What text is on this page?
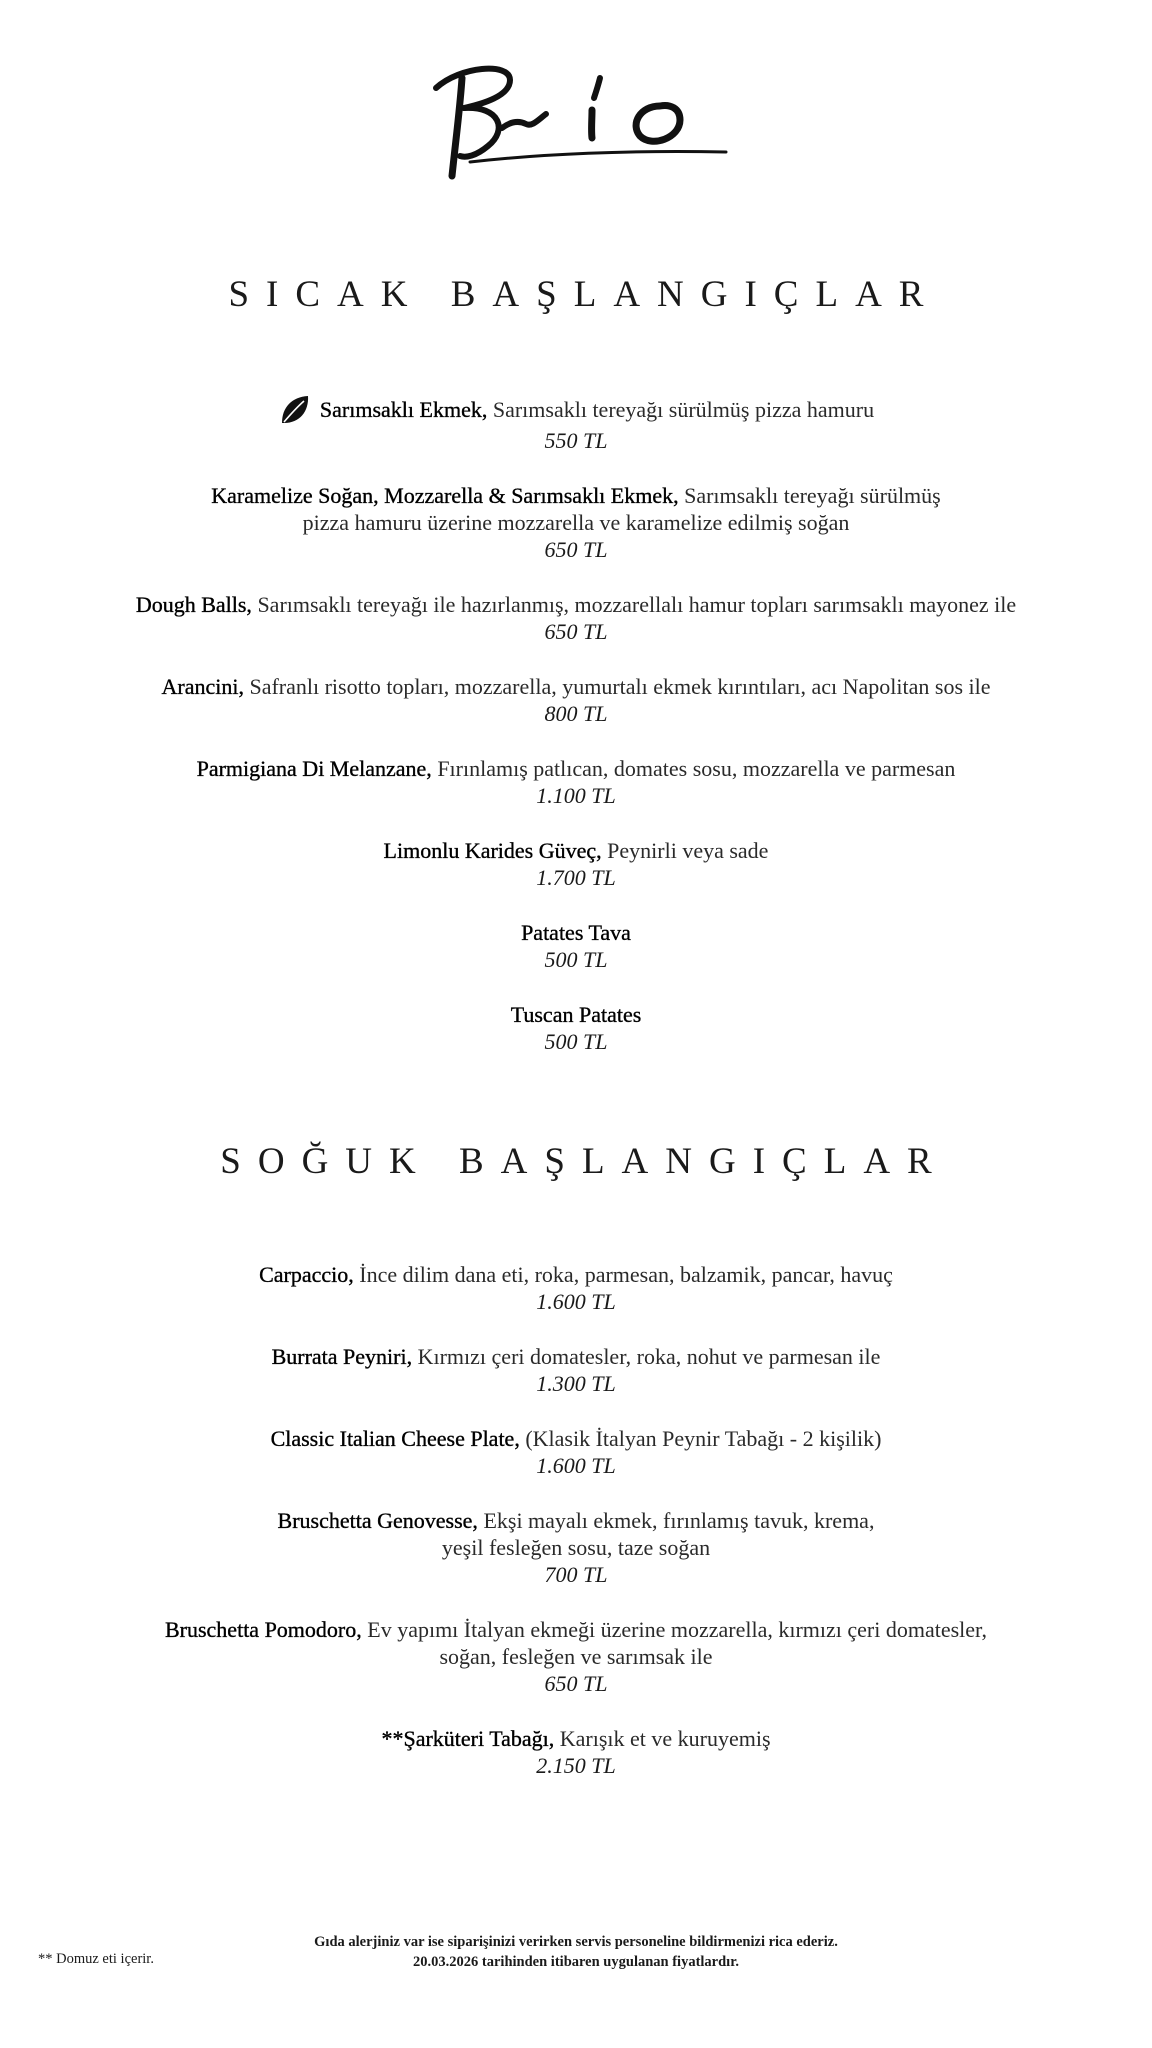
SICAK BAŞLANGIÇLAR
Sarımsaklı Ekmek, Sarımsaklı tereyağı sürülmüş pizza hamuru
550 TL
Karamelize Soğan, Mozzarella & Sarımsaklı Ekmek, Sarımsaklı tereyağı sürülmüş
pizza hamuru üzerine mozzarella ve karamelize edilmiş soğan
650 TL
Dough Balls, Sarımsaklı tereyağı ile hazırlanmış, mozzarellalı hamur topları sarımsaklı mayonez ile
650 TL
Arancini, Safranlı risotto topları, mozzarella, yumurtalı ekmek kırıntıları, acı Napolitan sos ile
800 TL
Parmigiana Di Melanzane, Fırınlamış patlıcan, domates sosu, mozzarella ve parmesan
1.100 TL
Limonlu Karides Güveç, Peynirli veya sade
1.700 TL
Patates Tava
500 TL
Tuscan Patates
500 TL
SOĞUK BAŞLANGIÇLAR
Carpaccio, İnce dilim dana eti, roka, parmesan, balzamik, pancar, havuç
1.600 TL
Burrata Peyniri, Kırmızı çeri domatesler, roka, nohut ve parmesan ile
1.300 TL
Classic Italian Cheese Plate, (Klasik İtalyan Peynir Tabağı - 2 kişilik)
1.600 TL
Bruschetta Genovesse, Ekşi mayalı ekmek, fırınlamış tavuk, krema,
yeşil fesleğen sosu, taze soğan
700 TL
Bruschetta Pomodoro, Ev yapımı İtalyan ekmeği üzerine mozzarella, kırmızı çeri domatesler,
soğan, fesleğen ve sarımsak ile
650 TL
**Şarküteri Tabağı, Karışık et ve kuruyemiş
2.150 TL
Gıda alerjiniz var ise siparişinizi verirken servis personeline bildirmenizi rica ederiz.
20.03.2026 tarihinden itibaren uygulanan fiyatlardır.
** Domuz eti içerir.
